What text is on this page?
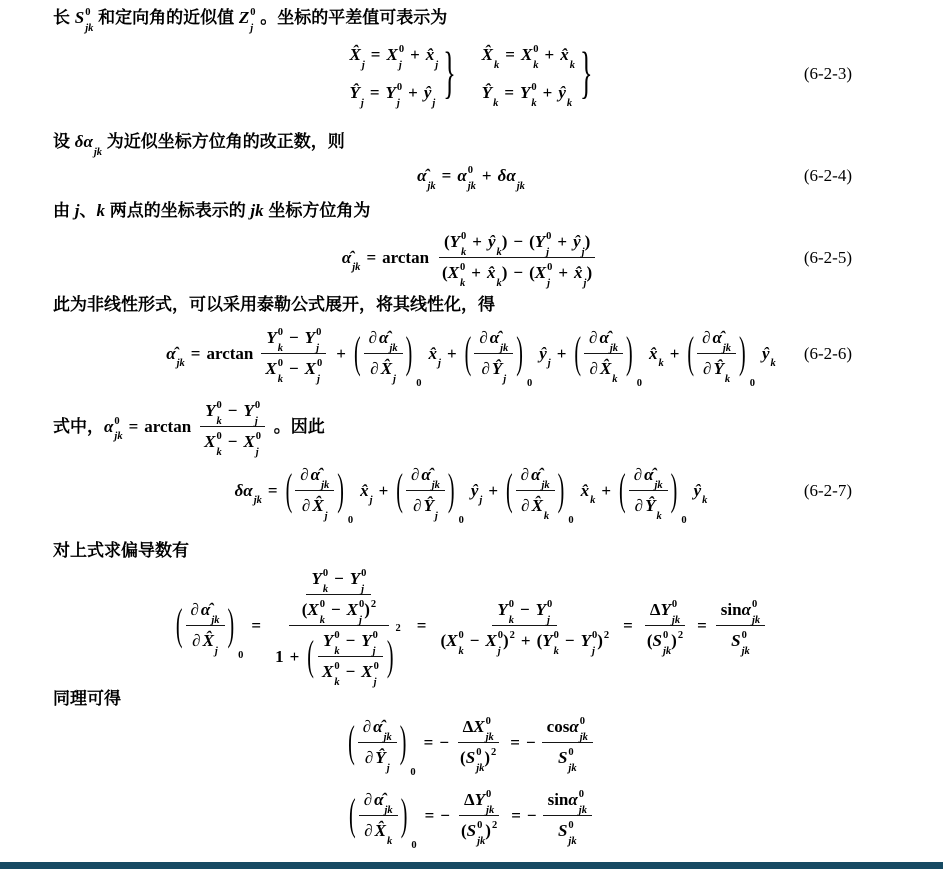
长 S 0
jk
和定向角的近似值 Z 0
j
。坐标的平差值可表示为
X̂

j
= X 0
j
+ x̂

j
Ŷ

j
= Y 0
j
+ ŷ

j } X̂

k
= X 0
k
+ x̂

k
Ŷ

k
= Y 0
k
+ ŷ

k }	(6-2-3)
设 δα

jk
为近似坐标方位角的改正数，则
α̂

jk
= α 0
jk
+ δα

jk
(6-2-4)
由 j 、 k 两点的坐标表示的 jk 坐标方位角为
α̂

jk
= arctan ( Y 0
k
+ ŷ

k
) − ( Y 0
j
+ ŷ

j
)
( X 0
k
+ x̂

k
) − ( X 0
j
+ x̂

j
)	(6-2-5)
此为非线性形式，可以采用泰勒公式展开，将其线性化，得
α̂

jk
= arctan Y 0
k
− Y 0
j
X 0
k
− X 0
j + ( ∂ α̂

jk
∂ X̂

j )
0
x̂

j
+ ( ∂ α̂

jk
∂ Ŷ

j )
0
ŷ

j
+ ( ∂ α̂

jk
∂ X̂

k )
0
x̂

k
+ ( ∂ α̂

jk
∂ Ŷ

k )
0
ŷ

k
(6-2-6)
式中， α 0
jk
= arctan Y 0
k
− Y 0
j
X 0
k
− X 0
j 。因此
δα

jk
= ( ∂ α̂

jk
∂ X̂

j )
0
x̂

j
+ ( ∂ α̂

jk
∂ Ŷ

j )
0
ŷ

j
+ ( ∂ α̂

jk
∂ X̂

k )
0
x̂

k
+ ( ∂ α̂

jk
∂ Ŷ

k )
0
ŷ

k
(6-2-7)
对上式求偏导数有
( ∂ α̂

jk
∂ X̂

j )
0
= Y 0
k
− Y 0
j
( X 0
k
− X 0
j
) 2
1 + ( Y 0
k
− Y 0
j
X 0
k
− X 0
j )
2 = Y 0
k
− Y 0
j
( X 0
k
− X 0
j
) 2 + ( Y 0
k
− Y 0
j
) 2 = Δ Y 0
jk
( S 0
jk
) 2 = sin α 0
jk
S 0
jk
同理可得
( ∂ α̂

jk
∂ Ŷ

j )
0
= − Δ X 0
jk
( S 0
jk
) 2 = − cos α 0
jk
S 0
jk
( ∂ α̂

jk
∂ X̂

k )
0
= − Δ Y 0
jk
( S 0
jk
) 2 = − sin α 0
jk
S 0
jk
